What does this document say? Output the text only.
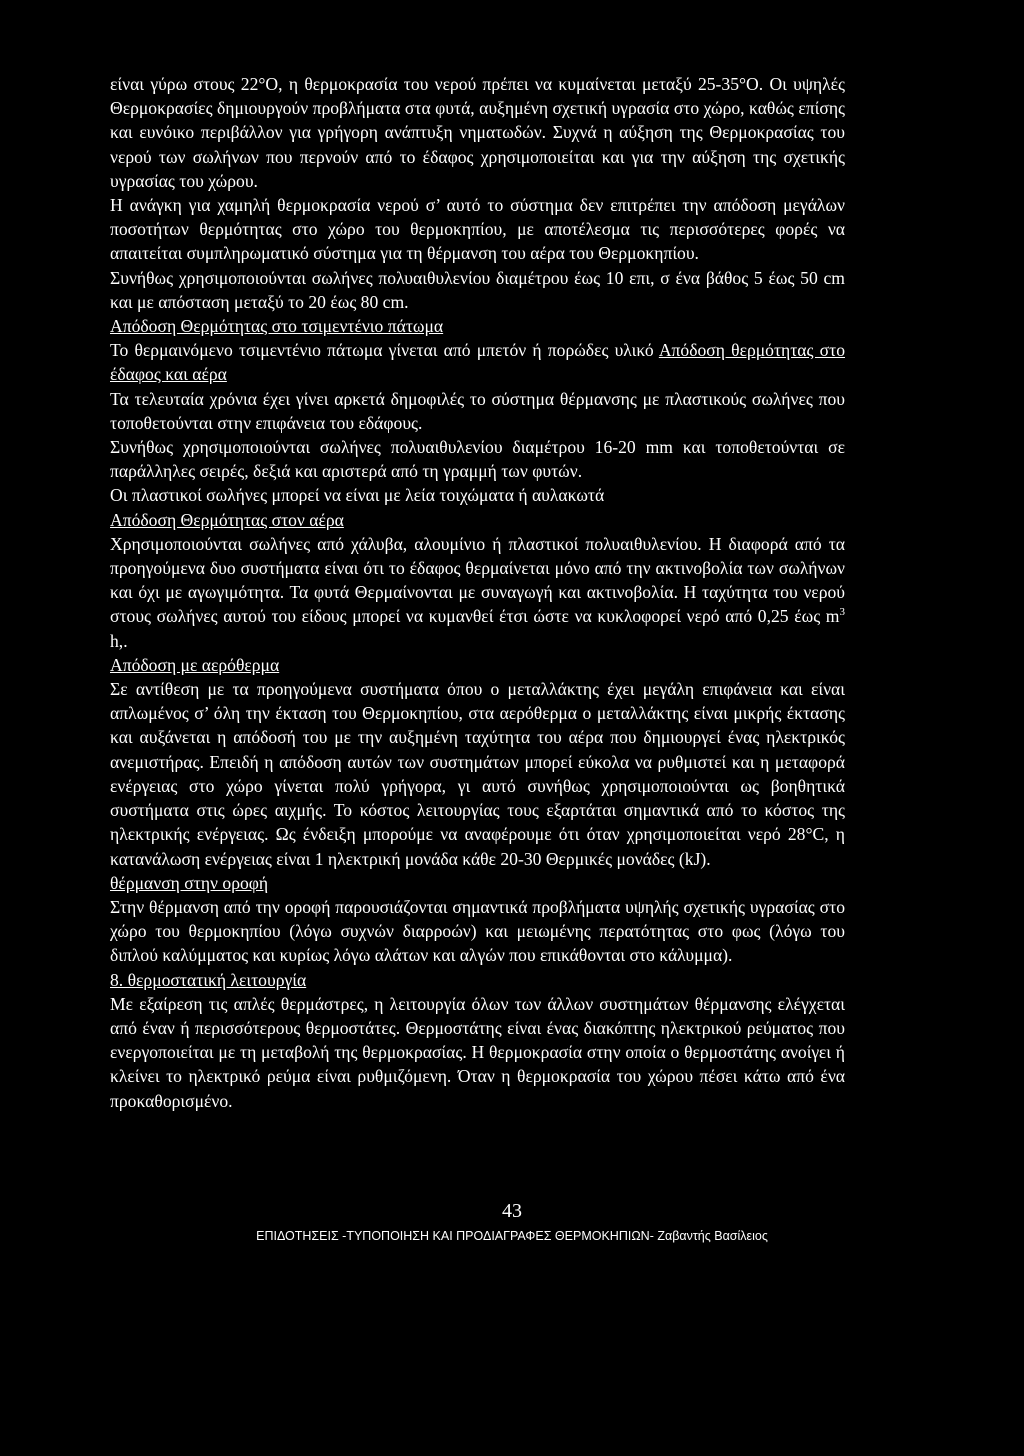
είναι γύρω στους 22°Ο, η θερμοκρασία του νερού πρέπει να κυμαίνεται μεταξύ 25-35°Ο. Οι υψηλές Θερμοκρασίες δημιουργούν προβλήματα στα φυτά, αυξημένη σχετική υγρασία στο χώρο, καθώς επίσης και ευνόικο περιβάλλον για γρήγορη ανάπτυξη νηματωδών. Συχνά η αύξηση της Θερμοκρασίας του νερού των σωλήνων που περνούν από το έδαφος χρησιμοποιείται και για την αύξηση της σχετικής υγρασίας του χώρου.

Η ανάγκη για χαμηλή θερμοκρασία νερού σ’ αυτό το σύστημα δεν επιτρέπει την απόδοση μεγάλων ποσοτήτων θερμότητας στο χώρο του θερμοκηπίου, με αποτέλεσμα τις περισσότερες φορές να απαιτείται συμπληρωματικό σύστημα για τη θέρμανση του αέρα του Θερμοκηπίου.

Συνήθως χρησιμοποιούνται σωλήνες πολυαιθυλενίου διαμέτρου έως 10 επι, σ ένα βάθος 5 έως 50 cm και με απόσταση μεταξύ το 20 έως 80 cm.

Απόδοση Θερμότητας στο τσιμεντένιο πάτωμα

Το θερμαινόμενο τσιμεντένιο πάτωμα γίνεται από μπετόν ή πορώδες υλικό Απόδοση θερμότητας στο έδαφος και αέρα

Τα τελευταία χρόνια έχει γίνει αρκετά δημοφιλές το σύστημα θέρμανσης με πλαστικούς σωλήνες που τοποθετούνται στην επιφάνεια του εδάφους.

Συνήθως χρησιμοποιούνται σωλήνες πολυαιθυλενίου διαμέτρου 16-20 mm και τοποθετούνται σε παράλληλες σειρές, δεξιά και αριστερά από τη γραμμή των φυτών.

Οι πλαστικοί σωλήνες μπορεί να είναι με λεία τοιχώματα ή αυλακωτά

Απόδοση Θερμότητας στον αέρα

Χρησιμοποιούνται σωλήνες από χάλυβα, αλουμίνιο ή πλαστικοί πολυαιθυλενίου. Η διαφορά από τα προηγούμενα δυο συστήματα είναι ότι το έδαφος θερμαίνεται μόνο από την ακτινοβολία των σωλήνων και όχι με αγωγιμότητα. Τα φυτά Θερμαίνονται με συναγωγή και ακτινοβολία. Η ταχύτητα του νερού στους σωλήνες αυτού του είδους μπορεί να κυμανθεί έτσι ώστε να κυκλοφορεί νερό από 0,25 έως $m^3$ h,.

Απόδοση με αερόθερμα

Σε αντίθεση με τα προηγούμενα συστήματα όπου ο μεταλλάκτης έχει μεγάλη επιφάνεια και είναι απλωμένος σ’ όλη την έκταση του Θερμοκηπίου, στα αερόθερμα ο μεταλλάκτης είναι μικρής έκτασης και αυξάνεται η απόδοσή του με την αυξημένη ταχύτητα του αέρα που δημιουργεί ένας ηλεκτρικός ανεμιστήρας. Επειδή η απόδοση αυτών των συστημάτων μπορεί εύκολα να ρυθμιστεί και η μεταφορά ενέργειας στο χώρο γίνεται πολύ γρήγορα, γι αυτό συνήθως χρησιμοποιούνται ως βοηθητικά συστήματα στις ώρες αιχμής. Το κόστος λειτουργίας τους εξαρτάται σημαντικά από το κόστος της ηλεκτρικής ενέργειας. Ως ένδειξη μπορούμε να αναφέρουμε ότι όταν χρησιμοποιείται νερό 28°C, η κατανάλωση ενέργειας είναι 1 ηλεκτρική μονάδα κάθε 20-30 Θερμικές μονάδες (kJ).

θέρμανση στην οροφή

Στην θέρμανση από την οροφή παρουσιάζονται σημαντικά προβλήματα υψηλής σχετικής υγρασίας στο χώρο του θερμοκηπίου (λόγω συχνών διαρροών) και μειωμένης περατότητας στο φως (λόγω του διπλού καλύμματος και κυρίως λόγω αλάτων και αλγών που επικάθονται στο κάλυμμα).

8. θερμοστατική λειτουργία

Με εξαίρεση τις απλές θερμάστρες, η λειτουργία όλων των άλλων συστημάτων θέρμανσης ελέγχεται από έναν ή περισσότερους θερμοστάτες. Θερμοστάτης είναι ένας διακόπτης ηλεκτρικού ρεύματος που ενεργοποιείται με τη μεταβολή της θερμοκρασίας. Η θερμοκρασία στην οποία ο θερμοστάτης ανοίγει ή κλείνει το ηλεκτρικό ρεύμα είναι ρυθμιζόμενη. Όταν η θερμοκρασία του χώρου πέσει κάτω από ένα προκαθορισμένο.

43
ΕΠΙΔΟΤΗΣΕΙΣ -ΤΥΠΟΠΟΙΗΣΗ ΚΑΙ ΠΡΟΔΙΑΓΡΑΦΕΣ ΘΕΡΜΟΚΗΠΙΩΝ- Ζαβαντής Βασίλειος
